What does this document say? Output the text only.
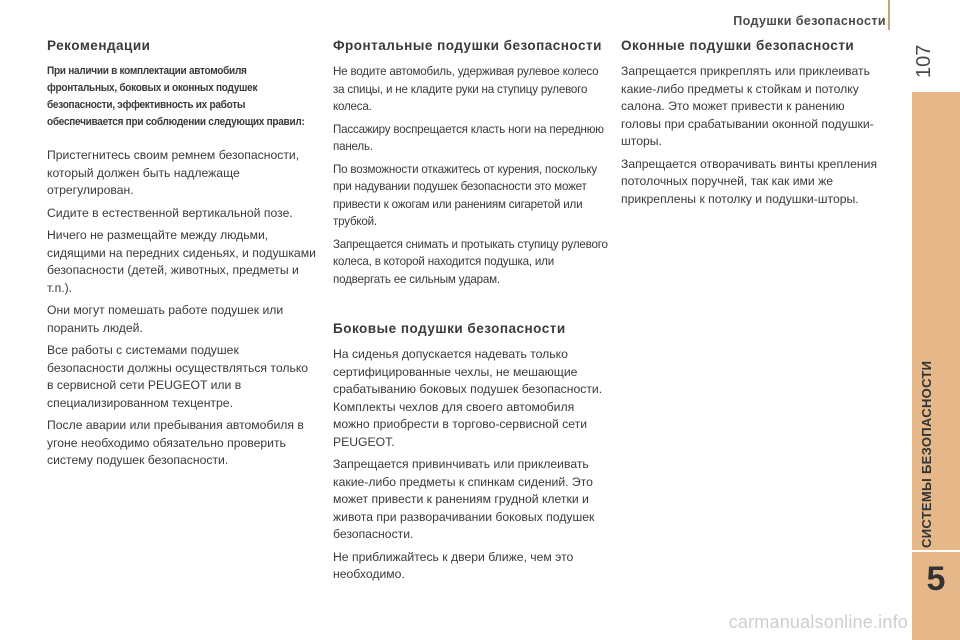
Подушки безопасности
107
СИСТЕМЫ БЕЗОПАСНОСТИ
5
Рекомендации
При наличии в комплектации автомобиля
фронтальных, боковых и оконных подушек
безопасности, эффективность их работы
обеспечивается при соблюдении следующих правил:

Пристегнитесь своим ремнем безопасности, который должен быть надлежаще отрегулирован.

Сидите в естественной вертикальной позе.

Ничего не размещайте между людьми, сидящими на передних сиденьях, и подушками безопасности (детей, животных, предметы и т.п.).

Они могут помешать работе подушек или поранить людей.

Все работы с системами подушек безопасности должны осуществляться только в сервисной сети PEUGEOT или в специализированном техцентре.

После аварии или пребывания автомобиля в угоне необходимо обязательно проверить систему подушек безопасности.

Фронтальные подушки безопасности

Не водите автомобиль, удерживая рулевое колесо за спицы, и не кладите руки на ступицу рулевого колеса.

Пассажиру воспрещается класть ноги на переднюю панель.

По возможности откажитесь от курения, поскольку при надувании подушек безопасности это может привести к ожогам или ранениям сигаретой или трубкой.

Запрещается снимать и протыкать ступицу рулевого колеса, в которой находится подушка, или подвергать ее сильным ударам.

Боковые подушки безопасности

На сиденья допускается надевать только сертифицированные чехлы, не мешающие срабатыванию боковых подушек безопасности. Комплекты чехлов для своего автомобиля можно приобрести в торгово-сервисной сети PEUGEOT.

Запрещается привинчивать или приклеивать какие-либо предметы к спинкам сидений. Это может привести к ранениям грудной клетки и живота при разворачивании боковых подушек безопасности.

Не приближайтесь к двери ближе, чем это необходимо.

Оконные подушки безопасности

Запрещается прикреплять или приклеивать какие-либо предметы к стойкам и потолку салона. Это может привести к ранению головы при срабатывании оконной подушки-шторы.

Запрещается отворачивать винты крепления потолочных поручней, так как ими же прикреплены к потолку и подушки-шторы.

carmanualsonline.info
